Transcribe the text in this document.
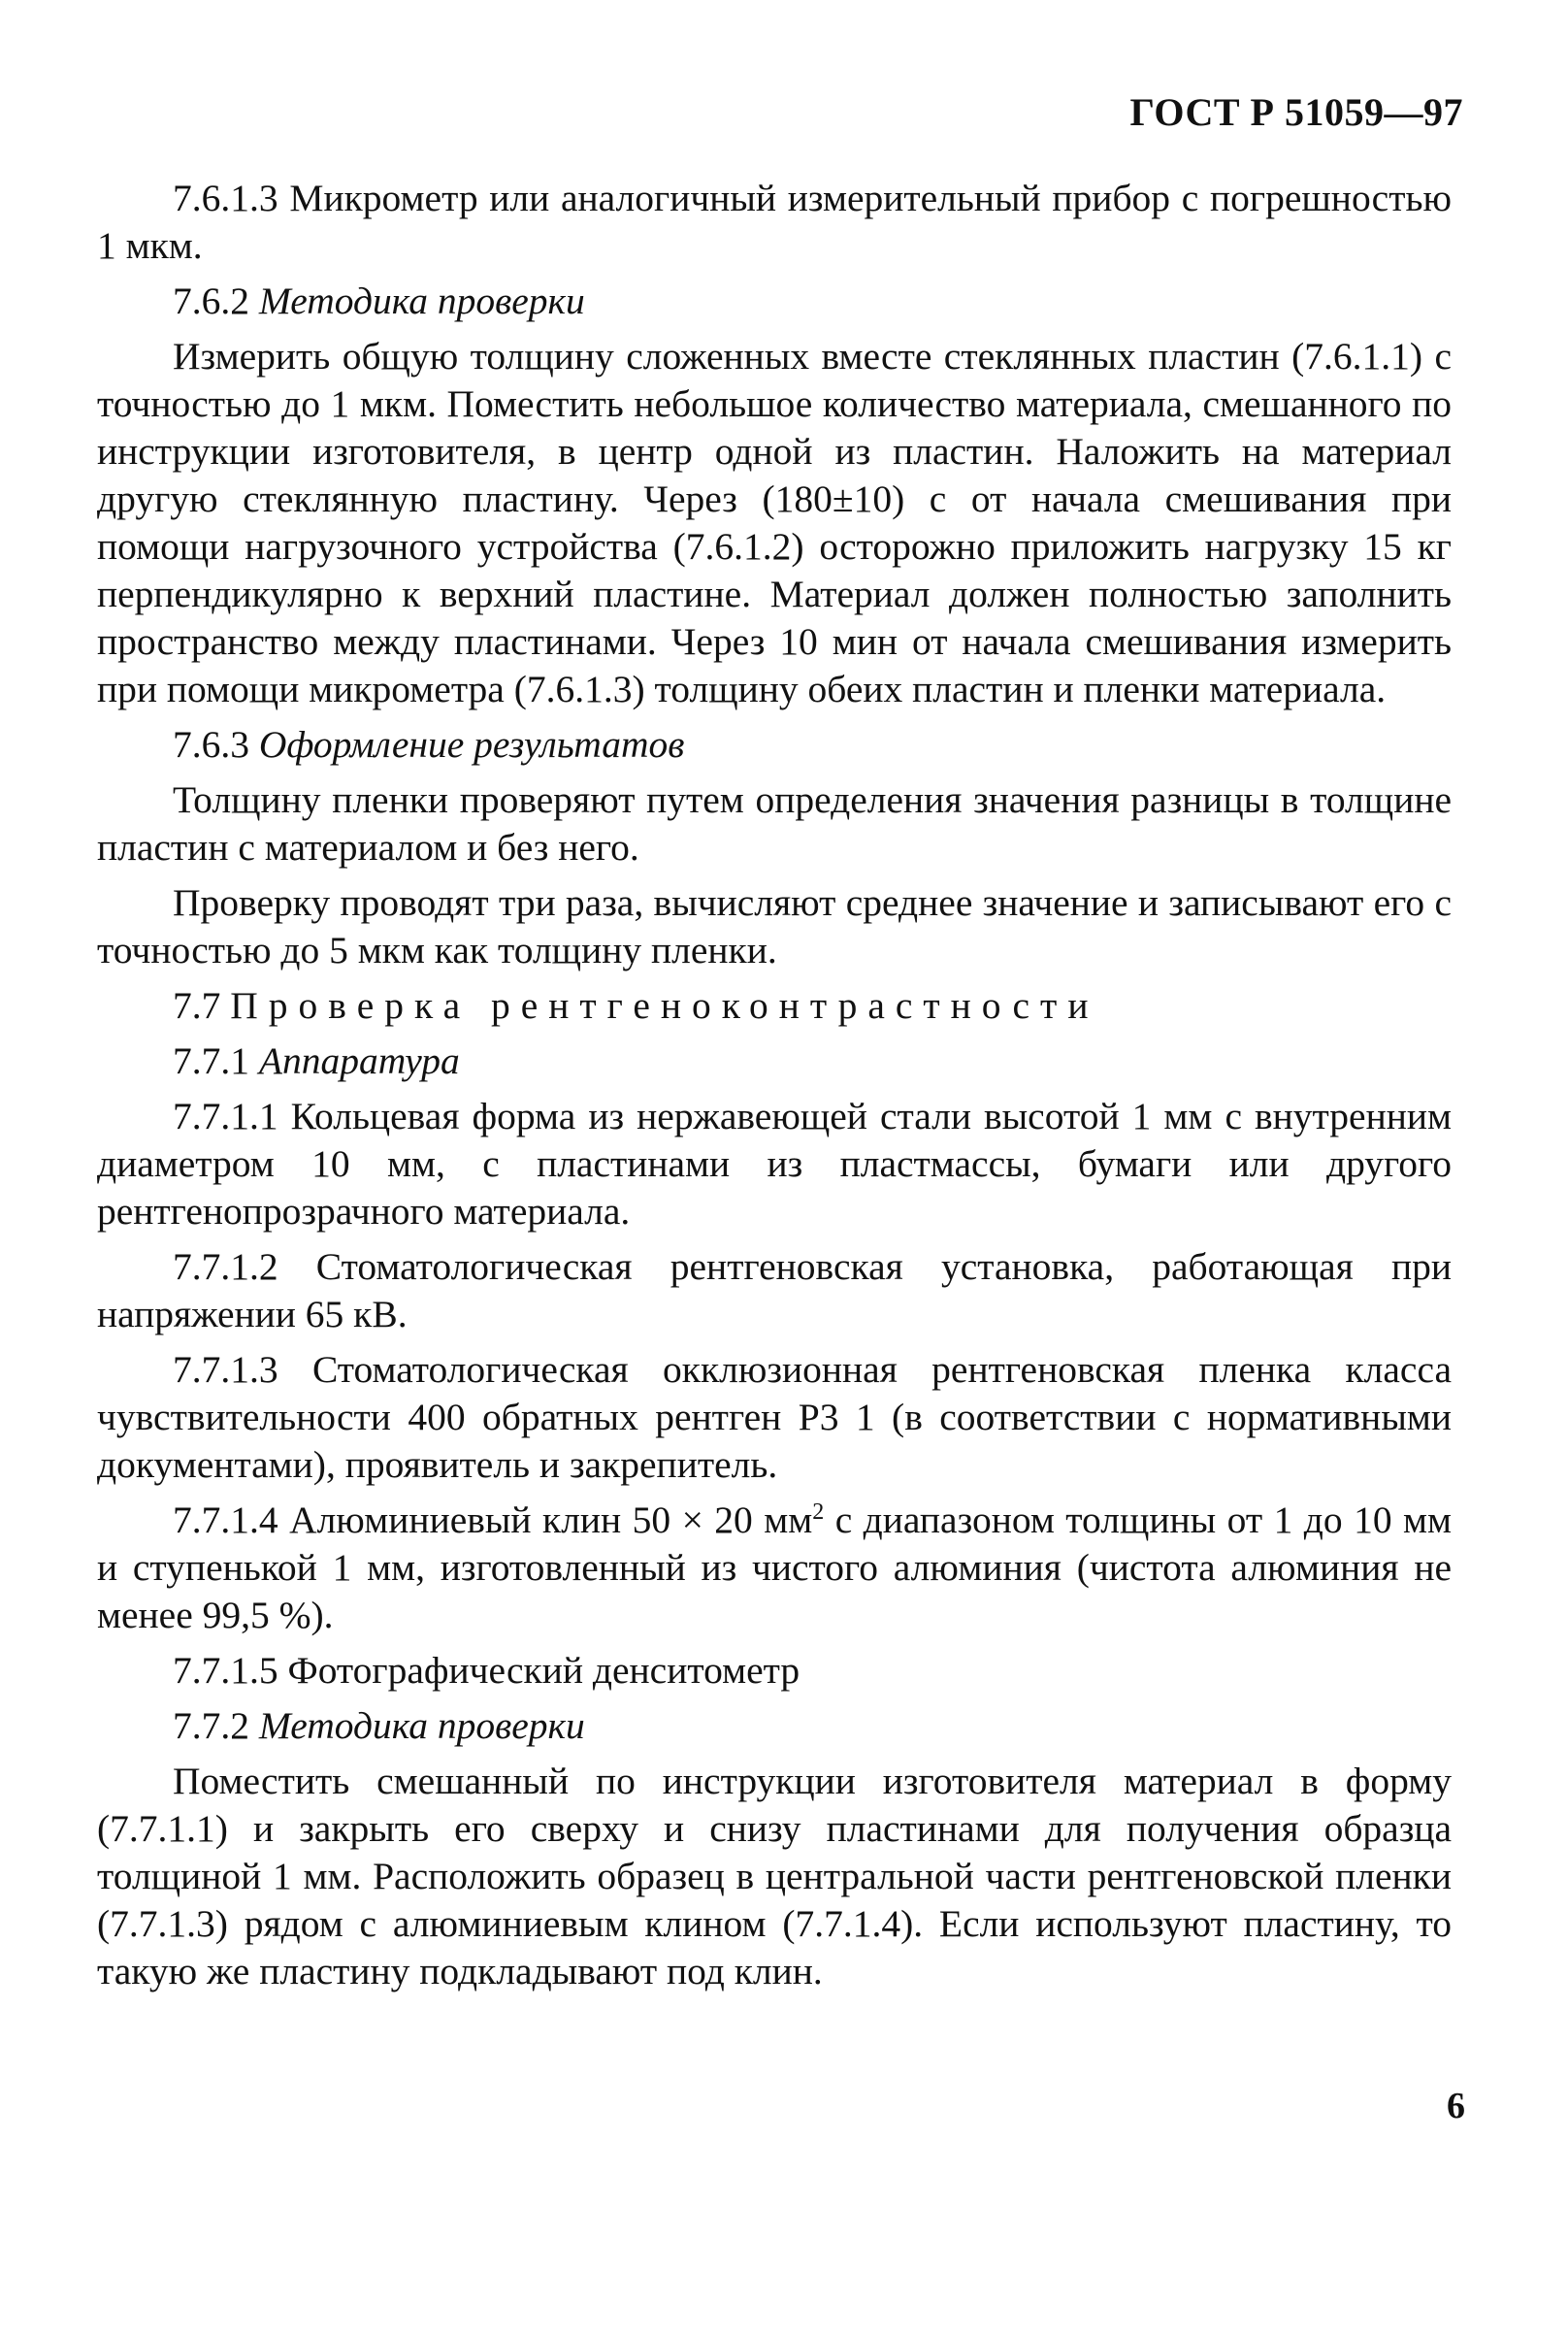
ГОСТ Р 51059—97

7.6.1.3 Микрометр или аналогичный измерительный прибор с погрешностью 1 мкм.

7.6.2 Методика проверки

Измерить общую толщину сложенных вместе стеклянных пластин (7.6.1.1) с точностью до 1 мкм. Поместить небольшое количество материала, смешанного по инструкции изготовителя, в центр одной из пластин. Наложить на материал другую стеклянную пластину. Через (180±10) с от начала смешивания при помощи нагрузочного устройства (7.6.1.2) осторожно приложить нагрузку 15 кг перпендикулярно к верхний пластине. Материал должен полностью заполнить пространство между пластинами. Через 10 мин от начала смешивания измерить при помощи микрометра (7.6.1.3) толщину обеих пластин и пленки материала.

7.6.3 Оформление результатов

Толщину пленки проверяют путем определения значения разницы в толщине пластин с материалом и без него.

Проверку проводят три раза, вычисляют среднее значение и записывают его с точностью до 5 мкм как толщину пленки.

7.7 Проверка рентгеноконтрастности

7.7.1 Аппаратура

7.7.1.1 Кольцевая форма из нержавеющей стали высотой 1 мм с внутренним диаметром 10 мм, с пластинами из пластмассы, бумаги или другого рентгенопрозрачного материала.

7.7.1.2 Стоматологическая рентгеновская установка, работающая при напряжении 65 кВ.

7.7.1.3 Стоматологическая окклюзионная рентгеновская пленка класса чувствительности 400 обратных рентген Р3 1 (в соответствии с нормативными документами), проявитель и закрепитель.

7.7.1.4 Алюминиевый клин 50 × 20 $мм^2$ с диапазоном толщины от 1 до 10 мм и ступенькой 1 мм, изготовленный из чистого алюминия (чистота алюминия не менее 99,5 %).

7.7.1.5 Фотографический денситометр

7.7.2 Методика проверки

Поместить смешанный по инструкции изготовителя материал в форму (7.7.1.1) и закрыть его сверху и снизу пластинами для получения образца толщиной 1 мм. Расположить образец в центральной части рентгеновской пленки (7.7.1.3) рядом с алюминиевым клином (7.7.1.4). Если используют пластину, то такую же пластину подкладывают под клин.

6
